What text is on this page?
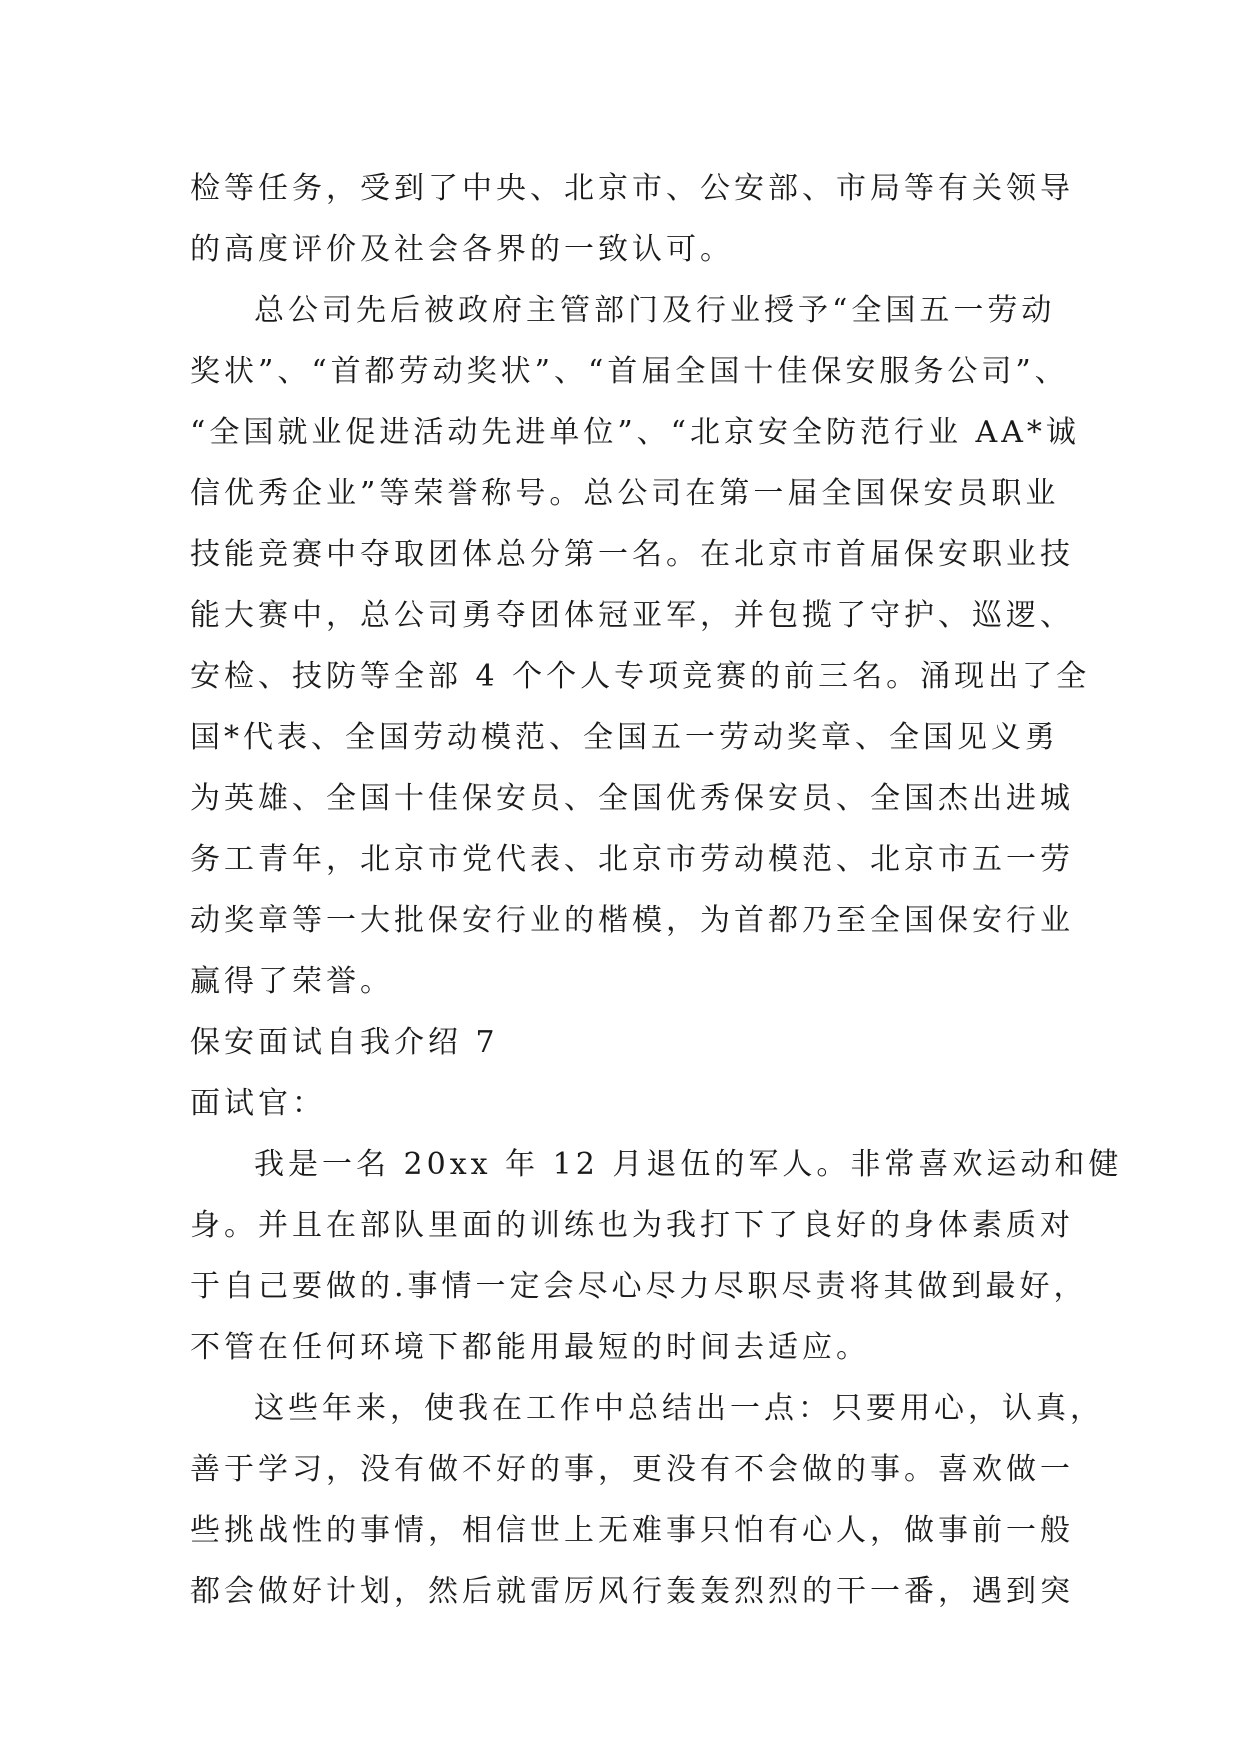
检等任务，受到了中央、北京市、公安部、市局等有关领导
的高度评价及社会各界的一致认可。
总公司先后被政府主管部门及行业授予“全国五一劳动
奖状”、“首都劳动奖状”、“首届全国十佳保安服务公司”、
“全国就业促进活动先进单位”、“北京安全防范行业 AA*诚
信优秀企业”等荣誉称号。总公司在第一届全国保安员职业
技能竞赛中夺取团体总分第一名。在北京市首届保安职业技
能大赛中，总公司勇夺团体冠亚军，并包揽了守护、巡逻、
安检、技防等全部 4 个个人专项竞赛的前三名。涌现出了全
国*代表、全国劳动模范、全国五一劳动奖章、全国见义勇
为英雄、全国十佳保安员、全国优秀保安员、全国杰出进城
务工青年，北京市党代表、北京市劳动模范、北京市五一劳
动奖章等一大批保安行业的楷模，为首都乃至全国保安行业
赢得了荣誉。
保安面试自我介绍 7
面试官：
我是一名 20xx 年 12 月退伍的军人。非常喜欢运动和健
身。并且在部队里面的训练也为我打下了良好的身体素质对
于自己要做的.事情一定会尽心尽力尽职尽责将其做到最好，
不管在任何环境下都能用最短的时间去适应。
这些年来，使我在工作中总结出一点：只要用心，认真，
善于学习，没有做不好的事，更没有不会做的事。喜欢做一
些挑战性的事情，相信世上无难事只怕有心人，做事前一般
都会做好计划，然后就雷厉风行轰轰烈烈的干一番，遇到突
